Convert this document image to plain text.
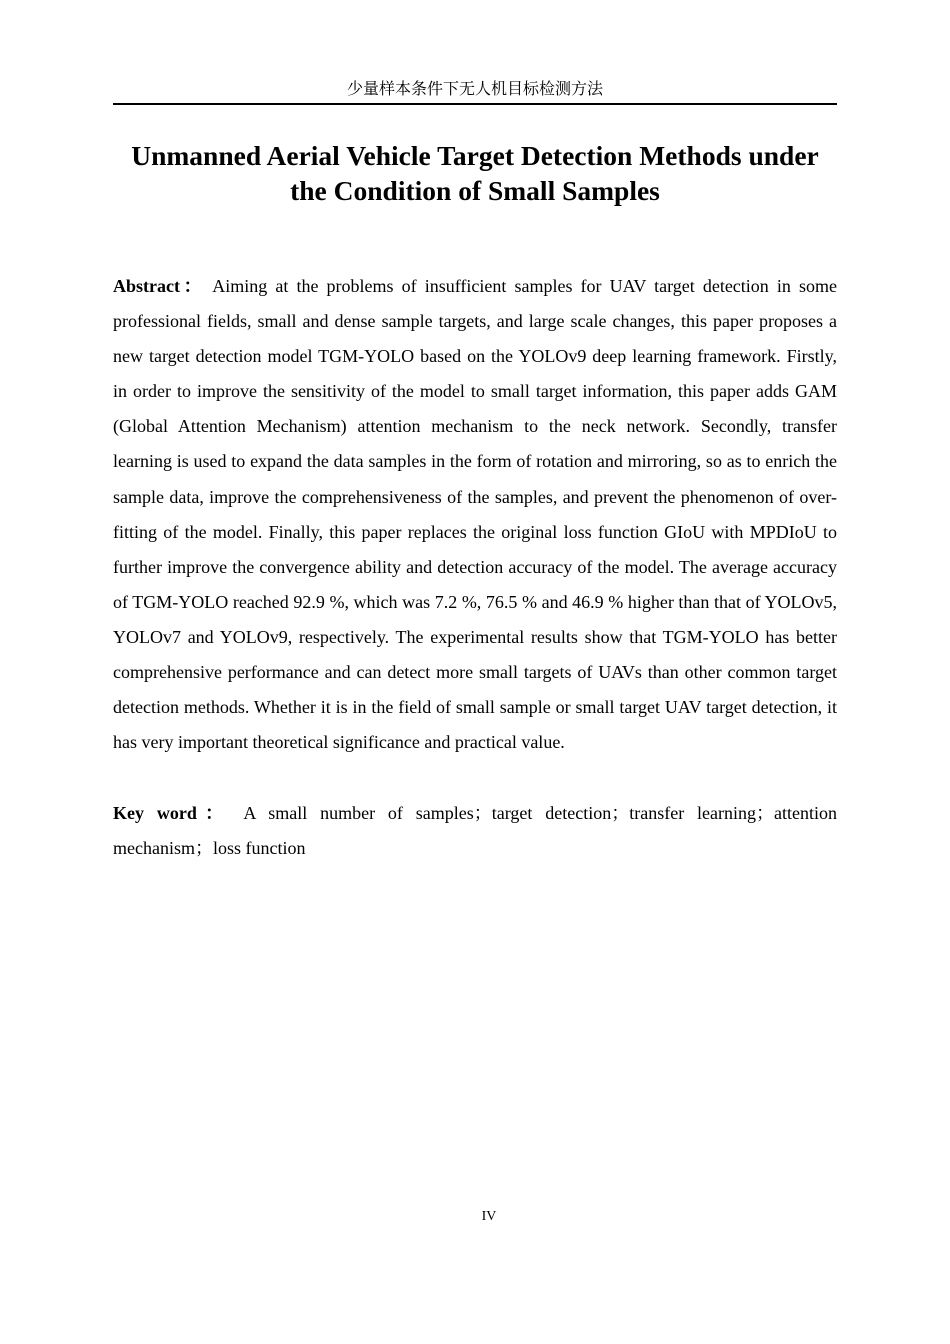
少量样本条件下无人机目标检测方法
Unmanned Aerial Vehicle Target Detection Methods under the Condition of Small Samples

Abstract： Aiming at the problems of insufficient samples for UAV target detection in some professional fields, small and dense sample targets, and large scale changes, this paper proposes a new target detection model TGM-YOLO based on the YOLOv9 deep learning framework. Firstly, in order to improve the sensitivity of the model to small target information, this paper adds GAM (Global Attention Mechanism) attention mechanism to the neck network. Secondly, transfer learning is used to expand the data samples in the form of rotation and mirroring, so as to enrich the sample data, improve the comprehensiveness of the samples, and prevent the phenomenon of over-fitting of the model. Finally, this paper replaces the original loss function GIoU with MPDIoU to further improve the convergence ability and detection accuracy of the model. The average accuracy of TGM-YOLO reached 92.9 %, which was 7.2 %, 76.5 % and 46.9 % higher than that of YOLOv5, YOLOv7 and YOLOv9, respectively. The experimental results show that TGM-YOLO has better comprehensive performance and can detect more small targets of UAVs than other common target detection methods. Whether it is in the field of small sample or small target UAV target detection, it has very important theoretical significance and practical value.

Key word： A small number of samples；target detection；transfer learning；attention mechanism；loss function

IV
